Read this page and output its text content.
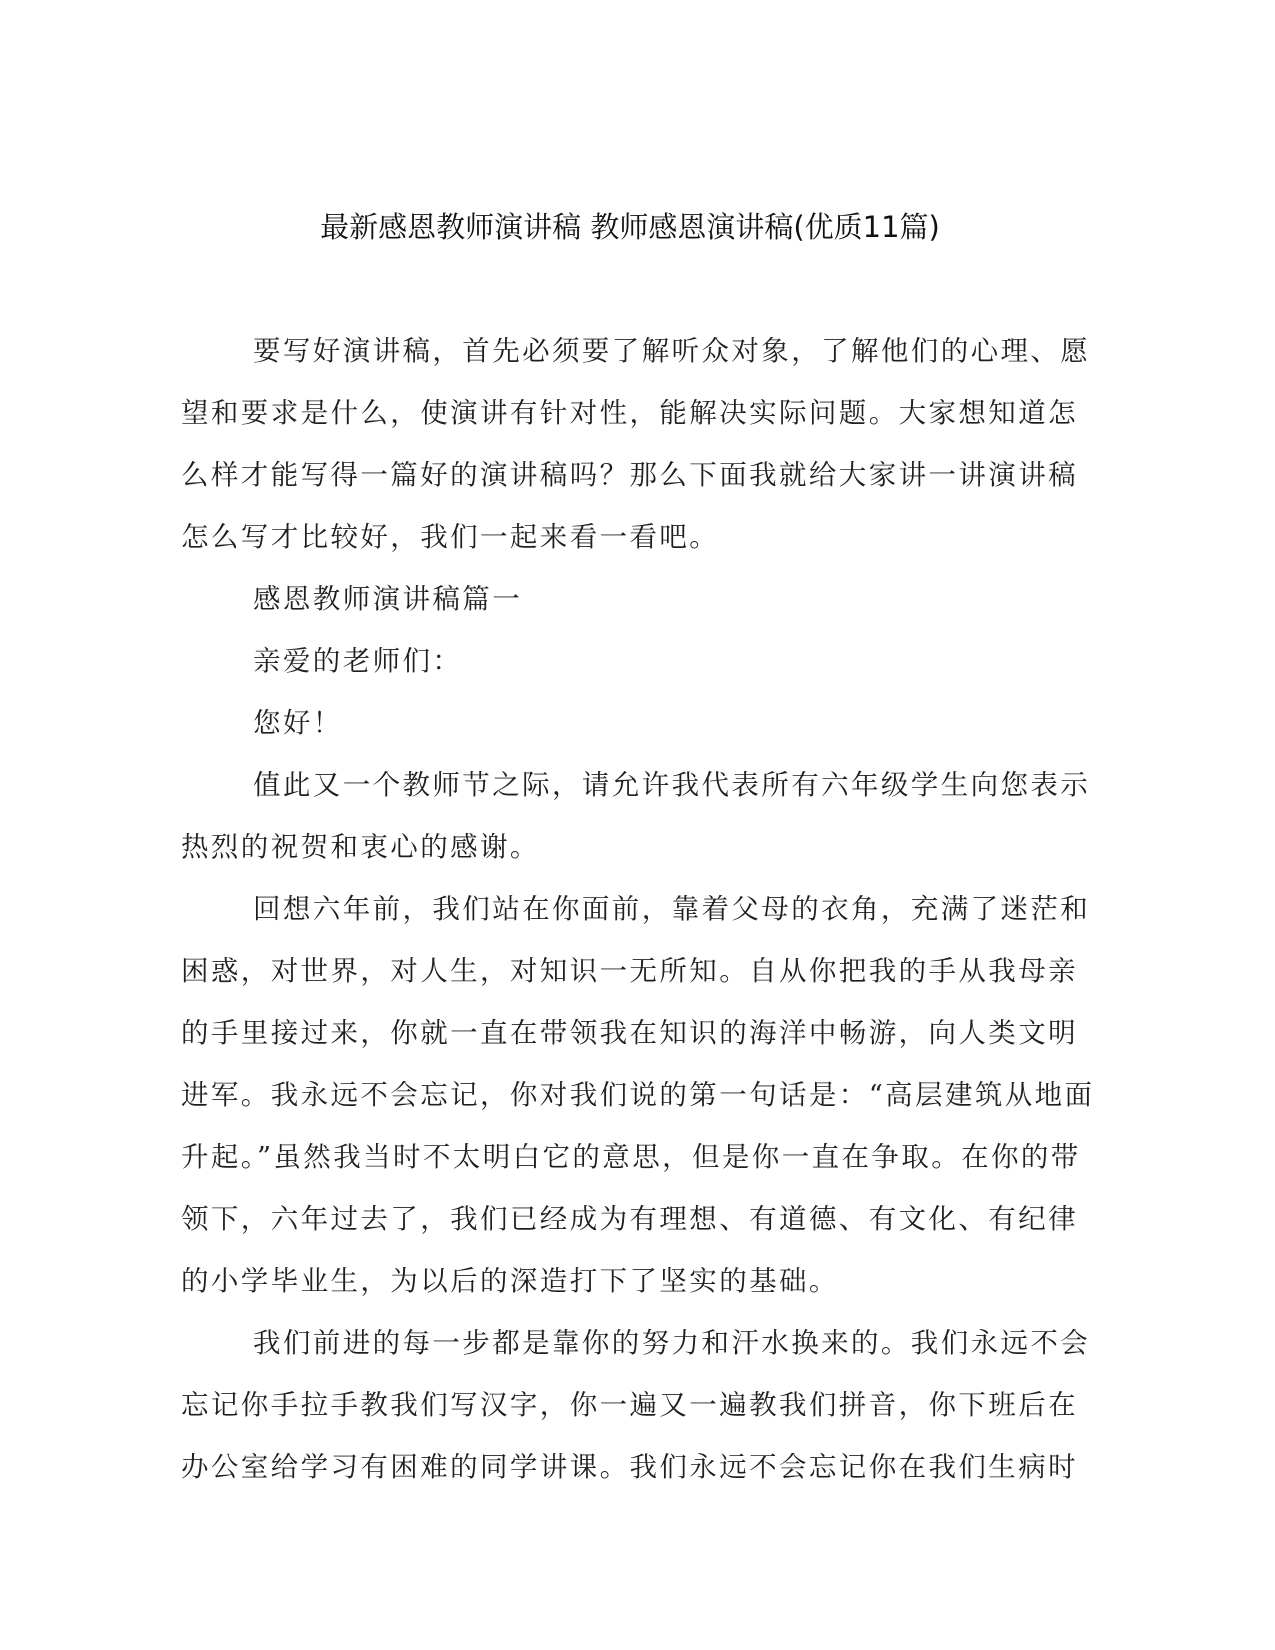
最新感恩教师演讲稿 教师感恩演讲稿(优质11篇)

要写好演讲稿，首先必须要了解听众对象，了解他们的心理、愿
望和要求是什么，使演讲有针对性，能解决实际问题。大家想知道怎
么样才能写得一篇好的演讲稿吗？那么下面我就给大家讲一讲演讲稿
怎么写才比较好，我们一起来看一看吧。

感恩教师演讲稿篇一

亲爱的老师们：

您好！

值此又一个教师节之际，请允许我代表所有六年级学生向您表示
热烈的祝贺和衷心的感谢。

回想六年前，我们站在你面前，靠着父母的衣角，充满了迷茫和
困惑，对世界，对人生，对知识一无所知。自从你把我的手从我母亲
的手里接过来，你就一直在带领我在知识的海洋中畅游，向人类文明
进军。我永远不会忘记，你对我们说的第一句话是：“高层建筑从地面
升起。”虽然我当时不太明白它的意思，但是你一直在争取。在你的带
领下，六年过去了，我们已经成为有理想、有道德、有文化、有纪律
的小学毕业生，为以后的深造打下了坚实的基础。

我们前进的每一步都是靠你的努力和汗水换来的。我们永远不会
忘记你手拉手教我们写汉字，你一遍又一遍教我们拼音，你下班后在
办公室给学习有困难的同学讲课。我们永远不会忘记你在我们生病时
